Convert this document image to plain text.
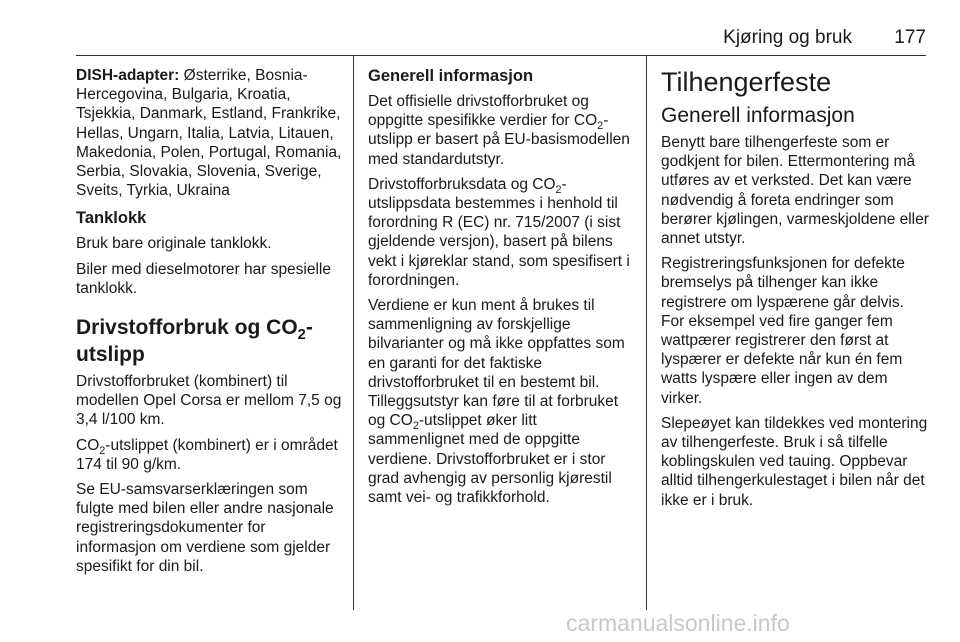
Kjøring og bruk 177

DISH-adapter: Østerrike, Bosnia-Hercegovina, Bulgaria, Kroatia, Tsjekkia, Danmark, Estland, Frankrike, Hellas, Ungarn, Italia, Latvia, Litauen, Makedonia, Polen, Portugal, Romania, Serbia, Slovakia, Slovenia, Sverige, Sveits, Tyrkia, Ukraina

Tanklokk

Bruk bare originale tanklokk.

Biler med dieselmotorer har spesielle tanklokk.

Drivstofforbruk og $CO_2-$
utslipp

Drivstofforbruket (kombinert) til modellen Opel Corsa er mellom 7,5 og 3,4 l/100 km.

$CO_2$-utslippet (kombinert) er i området 174 til 90 g/km.

Se EU-samsvarserklæringen som fulgte med bilen eller andre nasjonale registreringsdokumenter for informasjon om verdiene som gjelder spesifikt for din bil.

Generell informasjon

Det offisielle drivstofforbruket og oppgitte spesifikke verdier for $CO_2$-utslipp er basert på EU-basismodellen med standardutstyr.

Drivstofforbruksdata og $CO_2$-utslippsdata bestemmes i henhold til forordning R (EC) nr. 715/2007 (i sist gjeldende versjon), basert på bilens vekt i kjøreklar stand, som spesifisert i forordningen.

Verdiene er kun ment å brukes til sammenligning av forskjellige bilvarianter og må ikke oppfattes som en garanti for det faktiske drivstofforbruket til en bestemt bil. Tilleggsutstyr kan føre til at forbruket og $CO_2$-utslippet øker litt sammenlignet med de oppgitte verdiene. Drivstofforbruket er i stor grad avhengig av personlig kjørestil samt vei- og trafikkforhold.

Tilhengerfeste
Generell informasjon

Benytt bare tilhengerfeste som er godkjent for bilen. Ettermontering må utføres av et verksted. Det kan være nødvendig å foreta endringer som berører kjølingen, varmeskjoldene eller annet utstyr.

Registreringsfunksjonen for defekte bremselys på tilhenger kan ikke registrere om lyspærene går delvis. For eksempel ved fire ganger fem wattpærer registrerer den først at lyspærer er defekte når kun én fem watts lyspære eller ingen av dem virker.

Slepeøyet kan tildekkes ved montering av tilhengerfeste. Bruk i så tilfelle koblingskulen ved tauing. Oppbevar alltid tilhengerkulestaget i bilen når det ikke er i bruk.

carmanualsonline.info
